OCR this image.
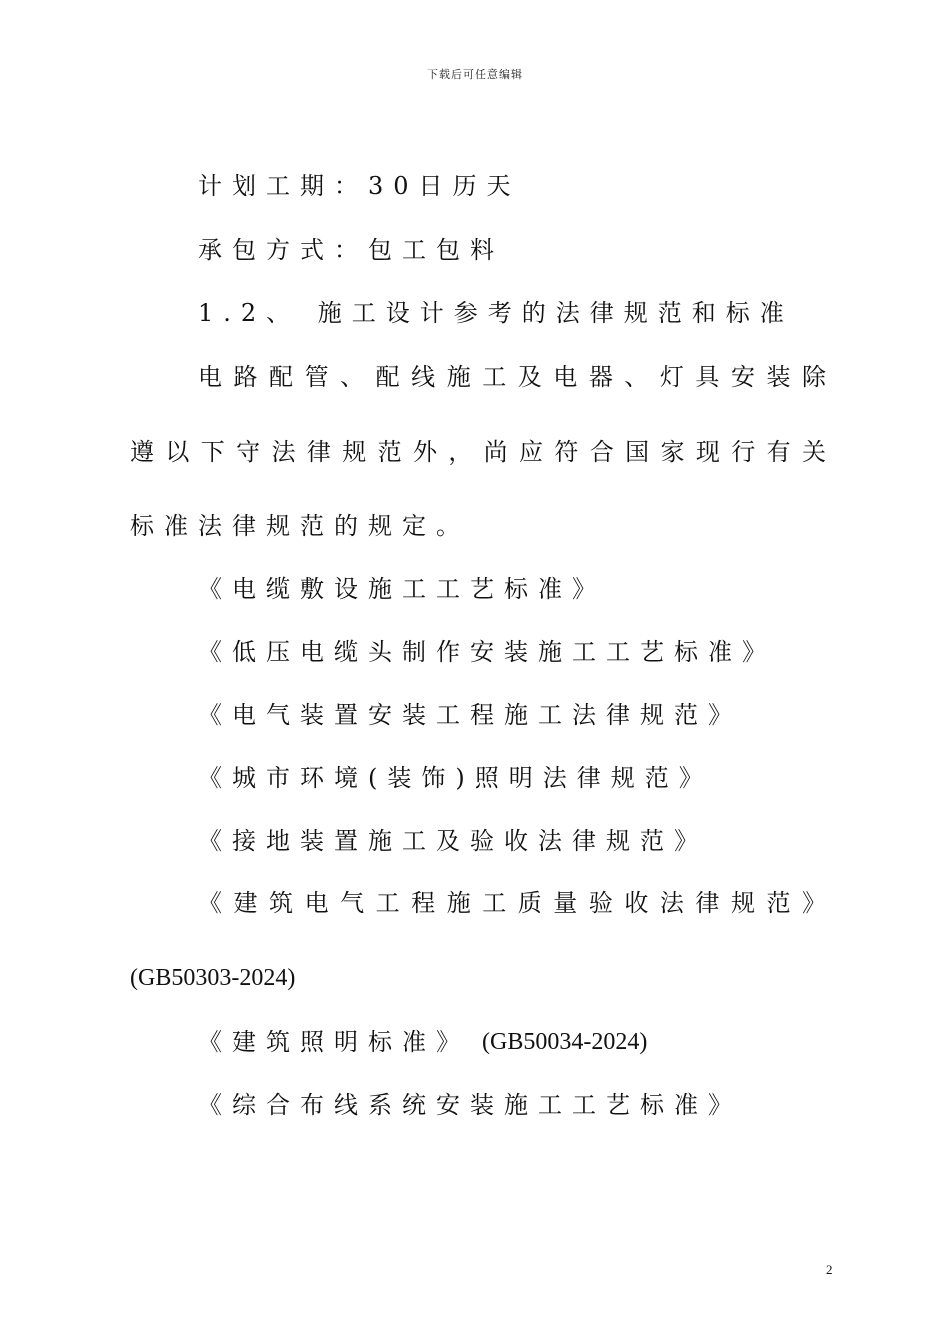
下载后可任意编辑
计划工期：30日历天
承包方式：包工包料
1.2、 施工设计参考的法律规范和标准
电路配管、配线施工及电器、灯具安装除
遵以下守法律规范外，尚应符合国家现行有关
标准法律规范的规定。
《电缆敷设施工工艺标准》
《低压电缆头制作安装施工工艺标准》
《电气装置安装工程施工法律规范》
《城市环境(装饰)照明法律规范》
《接地装置施工及验收法律规范》
《建筑电气工程施工质量验收法律规范》
(GB50303-2024)
《建筑照明标准》 (GB50034-2024)
《综合布线系统安装施工工艺标准》
2
